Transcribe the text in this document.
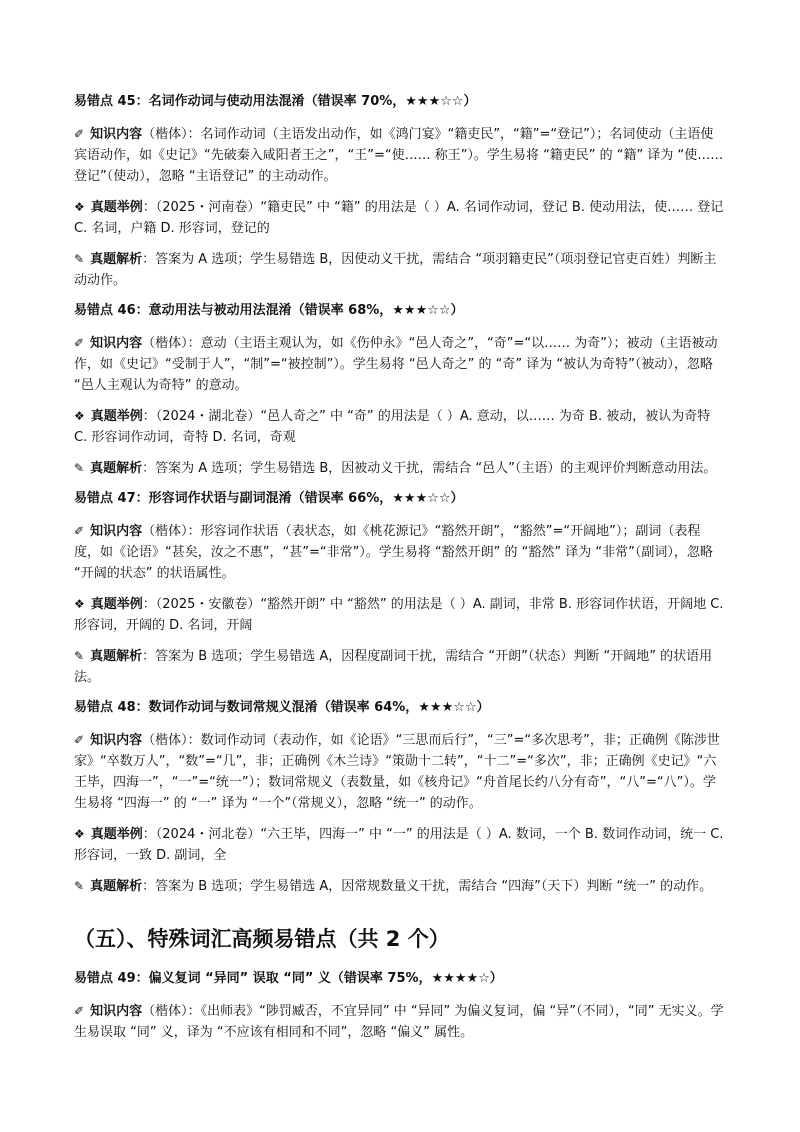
易错点 45：名词作动词与使动用法混淆（错误率 70%，★★★☆☆）

✐ 知识内容（楷体）：名词作动词（主语发出动作，如《鸿门宴》“籍吏民”，“籍”=“登记”）；名词使动（主语使宾语动作，如《史记》“先破秦入咸阳者王之”，“王”=“使…… 称王”）。学生易将 “籍吏民” 的 “籍” 译为 “使…… 登记”（使动），忽略 “主语登记” 的主动动作。

❖ 真题举例：（2025・河南卷）“籍吏民” 中 “籍” 的用法是（ ）A. 名词作动词，登记 B. 使动用法，使…… 登记 C. 名词，户籍 D. 形容词，登记的

✎ 真题解析：答案为 A 选项；学生易错选 B，因使动义干扰，需结合 “项羽籍吏民”（项羽登记官吏百姓）判断主动动作。

易错点 46：意动用法与被动用法混淆（错误率 68%，★★★☆☆）

✐ 知识内容（楷体）：意动（主语主观认为，如《伤仲永》“邑人奇之”，“奇”=“以…… 为奇”）；被动（主语被动作，如《史记》“受制于人”，“制”=“被控制”）。学生易将 “邑人奇之” 的 “奇” 译为 “被认为奇特”（被动），忽略 “邑人主观认为奇特” 的意动。

❖ 真题举例：（2024・湖北卷）“邑人奇之” 中 “奇” 的用法是（ ）A. 意动，以…… 为奇 B. 被动，被认为奇特 C. 形容词作动词，奇特 D. 名词，奇观

✎ 真题解析：答案为 A 选项；学生易错选 B，因被动义干扰，需结合 “邑人”（主语）的主观评价判断意动用法。

易错点 47：形容词作状语与副词混淆（错误率 66%，★★★☆☆）

✐ 知识内容（楷体）：形容词作状语（表状态，如《桃花源记》“豁然开朗”，“豁然”=“开阔地”）；副词（表程度，如《论语》“甚矣，汝之不惠”，“甚”=“非常”）。学生易将 “豁然开朗” 的 “豁然” 译为 “非常”（副词），忽略 “开阔的状态” 的状语属性。

❖ 真题举例：（2025・安徽卷）“豁然开朗” 中 “豁然” 的用法是（ ）A. 副词，非常 B. 形容词作状语，开阔地 C. 形容词，开阔的 D. 名词，开阔

✎ 真题解析：答案为 B 选项；学生易错选 A，因程度副词干扰，需结合 “开朗”（状态）判断 “开阔地” 的状语用法。

易错点 48：数词作动词与数词常规义混淆（错误率 64%，★★★☆☆）

✐ 知识内容（楷体）：数词作动词（表动作，如《论语》“三思而后行”，“三”=“多次思考”，非；正确例《陈涉世家》“卒数万人”，“数”=“几”，非；正确例《木兰诗》“策勋十二转”，“十二”=“多次”，非；正确例《史记》“六王毕，四海一”，“一”=“统一”）；数词常规义（表数量，如《核舟记》“舟首尾长约八分有奇”，“八”=“八”）。学生易将 “四海一” 的 “一” 译为 “一个”（常规义），忽略 “统一” 的动作。

❖ 真题举例：（2024・河北卷）“六王毕，四海一” 中 “一” 的用法是（ ）A. 数词，一个 B. 数词作动词，统一 C. 形容词，一致 D. 副词，全

✎ 真题解析：答案为 B 选项；学生易错选 A，因常规数量义干扰，需结合 “四海”（天下）判断 “统一” 的动作。

（五）、特殊词汇高频易错点（共 2 个）
易错点 49：偏义复词 “异同” 误取 “同” 义（错误率 75%，★★★★☆）

✐ 知识内容（楷体）：《出师表》“陟罚臧否，不宜异同” 中 “异同” 为偏义复词，偏 “异”（不同），“同” 无实义。学生易误取 “同” 义，译为 “不应该有相同和不同”，忽略 “偏义” 属性。
